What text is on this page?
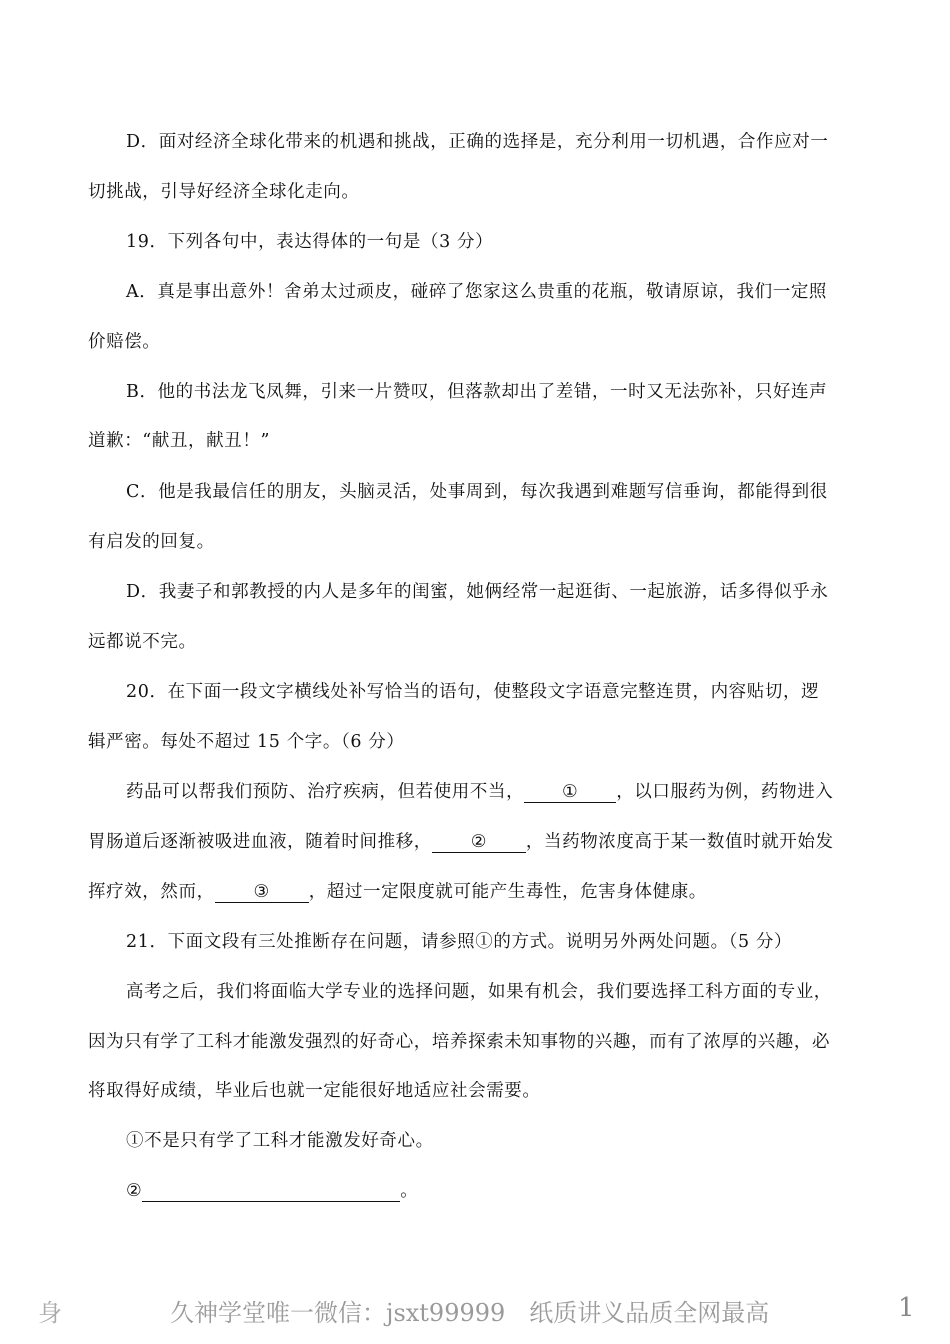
D．面对经济全球化带来的机遇和挑战，正确的选择是，充分利用一切机遇，合作应对一
切挑战，引导好经济全球化走向。
19．下列各句中，表达得体的一句是（3 分）
A．真是事出意外！舍弟太过顽皮，碰碎了您家这么贵重的花瓶，敬请原谅，我们一定照
价赔偿。
B．他的书法龙飞凤舞，引来一片赞叹，但落款却出了差错，一时又无法弥补，只好连声
道歉：“献丑，献丑！”
C．他是我最信任的朋友，头脑灵活，处事周到，每次我遇到难题写信垂询，都能得到很
有启发的回复。
D．我妻子和郭教授的内人是多年的闺蜜，她俩经常一起逛街、一起旅游，话多得似乎永
远都说不完。
20．在下面一段文字横线处补写恰当的语句，使整段文字语意完整连贯，内容贴切，逻
辑严密。每处不超过 15 个字。（6 分）
药品可以帮我们预防、治疗疾病，但若使用不当， ① ，以口服药为例，药物进入
胃肠道后逐渐被吸进血液，随着时间推移， ② ，当药物浓度高于某一数值时就开始发
挥疗效，然而， ③ ，超过一定限度就可能产生毒性，危害身体健康。
21．下面文段有三处推断存在问题，请参照①的方式。说明另外两处问题。（5 分）
高考之后，我们将面临大学专业的选择问题，如果有机会，我们要选择工科方面的专业，
因为只有学了工科才能激发强烈的好奇心，培养探索未知事物的兴趣，而有了浓厚的兴趣，必
将取得好成绩，毕业后也就一定能很好地适应社会需要。
①不是只有学了工科才能激发好奇心。
②	。
身	久神学堂唯一微信：jsxt99999　纸质讲义品质全网最高	1
